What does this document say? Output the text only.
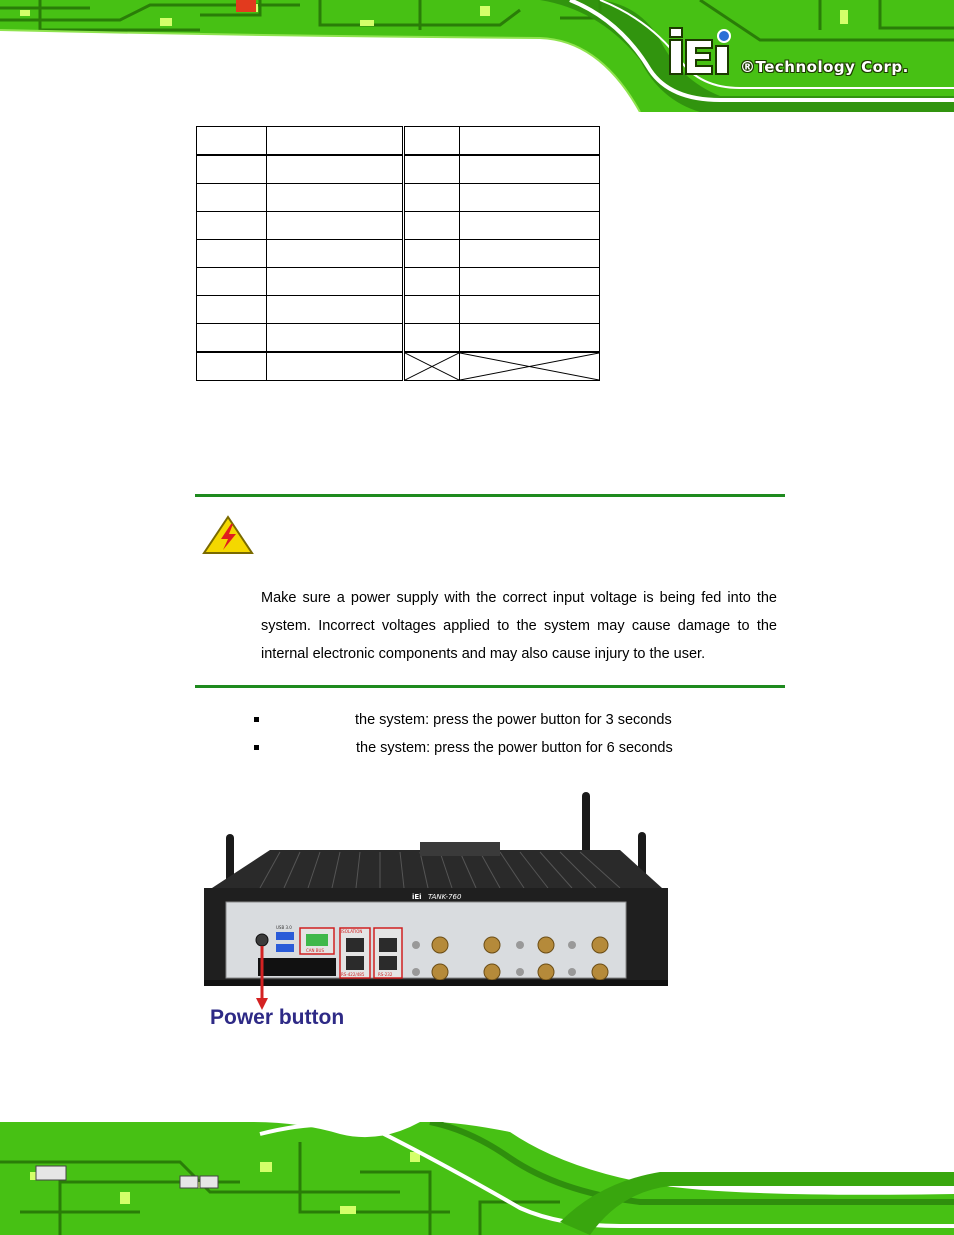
®Technology Corp.

Make sure a power supply with the correct input voltage is being fed into the system. Incorrect voltages applied to the system may cause damage to the internal electronic components and may also cause injury to the user.

the system: press the power button for 3 seconds
the system: press the power button for 6 seconds
iEi TANK-760
USB 3.0
CAN BUS
ISOLATION
RS-422/485	RS-232
Power button
